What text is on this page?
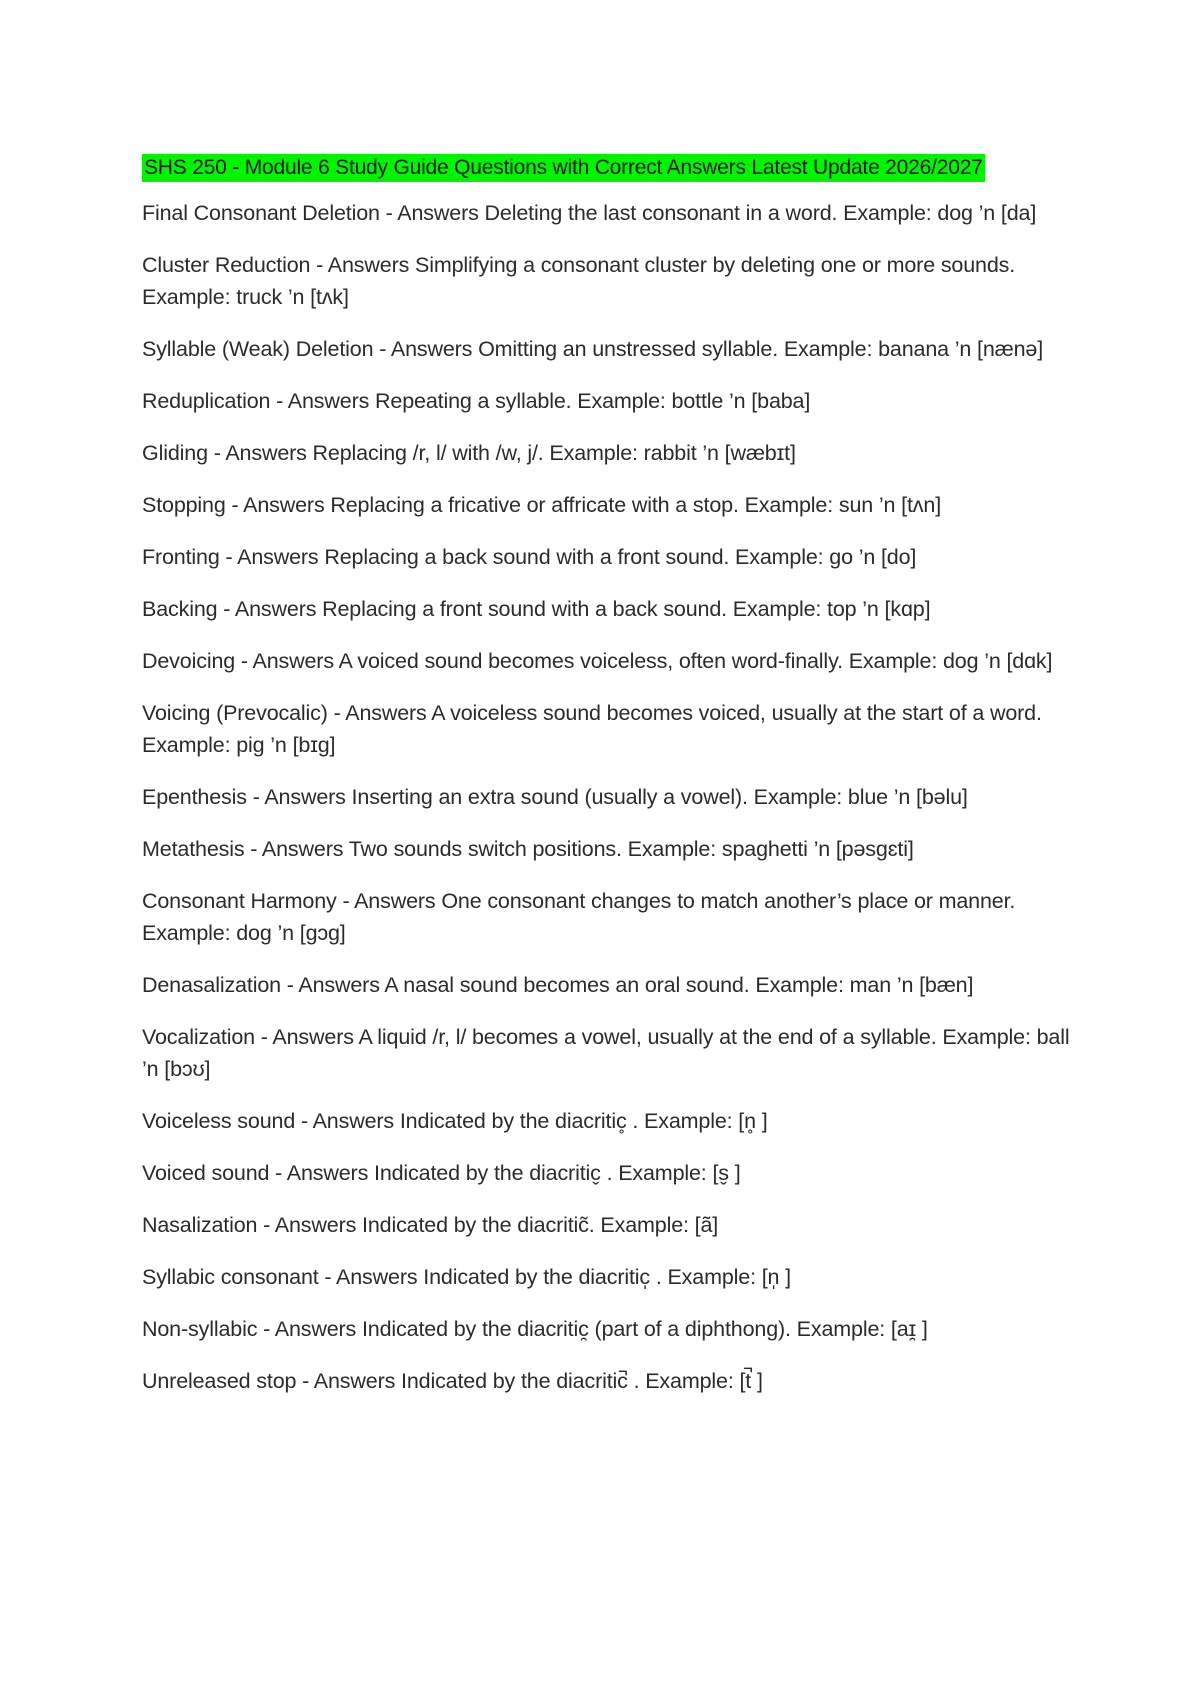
SHS 250 - Module 6 Study Guide Questions with Correct Answers Latest Update 2026/2027

Final Consonant Deletion - Answers Deleting the last consonant in a word. Example: dog ’n [da]

Cluster Reduction - Answers Simplifying a consonant cluster by deleting one or more sounds. Example: truck ’n [tʌk]

Syllable (Weak) Deletion - Answers Omitting an unstressed syllable. Example: banana ’n [nænə]

Reduplication - Answers Repeating a syllable. Example: bottle ’n [baba]

Gliding - Answers Replacing /r, l/ with /w, j/. Example: rabbit ’n [wæbɪt]

Stopping - Answers Replacing a fricative or affricate with a stop. Example: sun ’n [tʌn]

Fronting - Answers Replacing a back sound with a front sound. Example: go ’n [do]

Backing - Answers Replacing a front sound with a back sound. Example: top ’n [kɑp]

Devoicing - Answers A voiced sound becomes voiceless, often word-finally. Example: dog ’n [dɑk]

Voicing (Prevocalic) - Answers A voiceless sound becomes voiced, usually at the start of a word. Example: pig ’n [bɪg]

Epenthesis - Answers Inserting an extra sound (usually a vowel). Example: blue ’n [bəlu]

Metathesis - Answers Two sounds switch positions. Example: spaghetti ’n [pəsgɛti]

Consonant Harmony - Answers One consonant changes to match another’s place or manner. Example: dog ’n [gɔg]

Denasalization - Answers A nasal sound becomes an oral sound. Example: man ’n [bæn]

Vocalization - Answers A liquid /r, l/ becomes a vowel, usually at the end of a syllable. Example: ball ’n [bɔʊ]

Voiceless sound - Answers Indicated by the diacritic̥ . Example: [n̥ ]

Voiced sound - Answers Indicated by the diacritic̬ . Example: [s̬ ]

Nasalization - Answers Indicated by the diacritic̃. Example: [ã]

Syllabic consonant - Answers Indicated by the diacritic̩ . Example: [n̩ ]

Non-syllabic - Answers Indicated by the diacritic̯ (part of a diphthong). Example: [aɪ̯ ]

Unreleased stop - Answers Indicated by the diacritic̚ . Example: [t̚ ]
